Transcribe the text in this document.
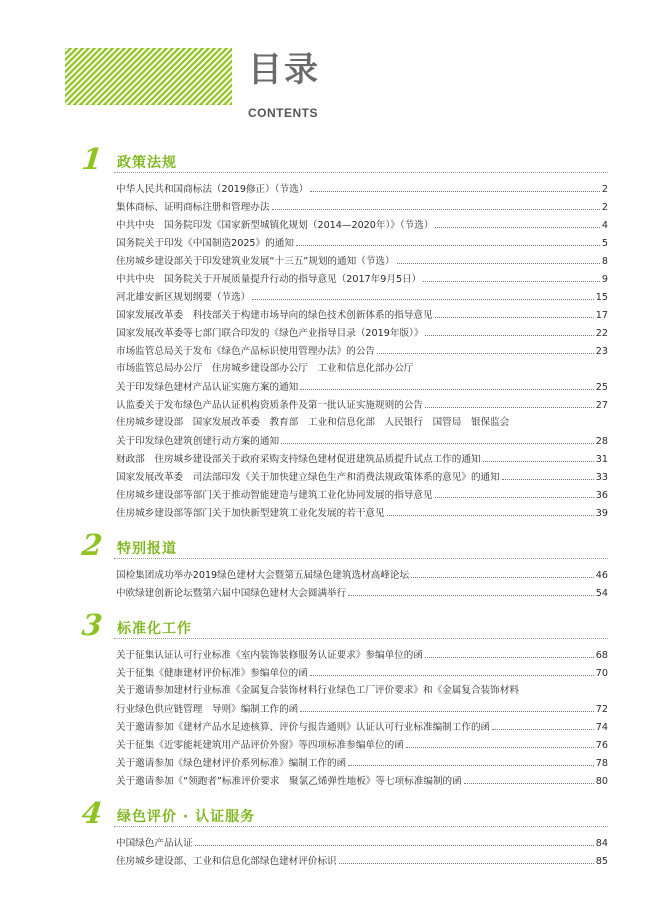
目录
CONTENTS
1 政策法规
中华人民共和国商标法（2019修正）（节选）	2
集体商标、证明商标注册和管理办法	2
中共中央　国务院印发《国家新型城镇化规划（2014—2020年）》（节选）	4
国务院关于印发《中国制造2025》的通知	5
住房城乡建设部关于印发建筑业发展“十三五”规划的通知（节选）	8
中共中央　国务院关于开展质量提升行动的指导意见（2017年9月5日）	9
河北雄安新区规划纲要（节选）	15
国家发展改革委　科技部关于构建市场导向的绿色技术创新体系的指导意见	17
国家发展改革委等七部门联合印发的《绿色产业指导目录（2019年版）》	22
市场监管总局关于发布《绿色产品标识使用管理办法》的公告	23
市场监管总局办公厅　住房城乡建设部办公厅　工业和信息化部办公厅
关于印发绿色建材产品认证实施方案的通知	25
认监委关于发布绿色产品认证机构资质条件及第一批认证实施规则的公告	27
住房城乡建设部　国家发展改革委　教育部　工业和信息化部　人民银行　国管局　银保监会
关于印发绿色建筑创建行动方案的通知	28
财政部　住房城乡建设部关于政府采购支持绿色建材促进建筑品质提升试点工作的通知	31
国家发展改革委　司法部印发《关于加快建立绿色生产和消费法规政策体系的意见》的通知	33
住房城乡建设部等部门关于推动智能建造与建筑工业化协同发展的指导意见	36
住房城乡建设部等部门关于加快新型建筑工业化发展的若干意见	39
2 特别报道
国检集团成功举办2019绿色建材大会暨第五届绿色建筑选材高峰论坛	46
中欧绿建创新论坛暨第六届中国绿色建材大会圆满举行	54
3 标准化工作
关于征集认证认可行业标准《室内装饰装修服务认证要求》参编单位的函	68
关于征集《健康建材评价标准》参编单位的函	70
关于邀请参加建材行业标准《金属复合装饰材料行业绿色工厂评价要求》和《金属复合装饰材料
行业绿色供应链管理　导则》编制工作的函	72
关于邀请参加《建材产品水足迹核算、评价与报告通则》认证认可行业标准编制工作的函	74
关于征集《近零能耗建筑用产品评价外窗》等四项标准参编单位的函	76
关于邀请参加《绿色建材评价系列标准》编制工作的函	78
关于邀请参加《“领跑者”标准评价要求　聚氯乙烯弹性地板》等七项标准编制的函	80
4 绿色评价 · 认证服务
中国绿色产品认证	84
住房城乡建设部、工业和信息化部绿色建材评价标识	85
